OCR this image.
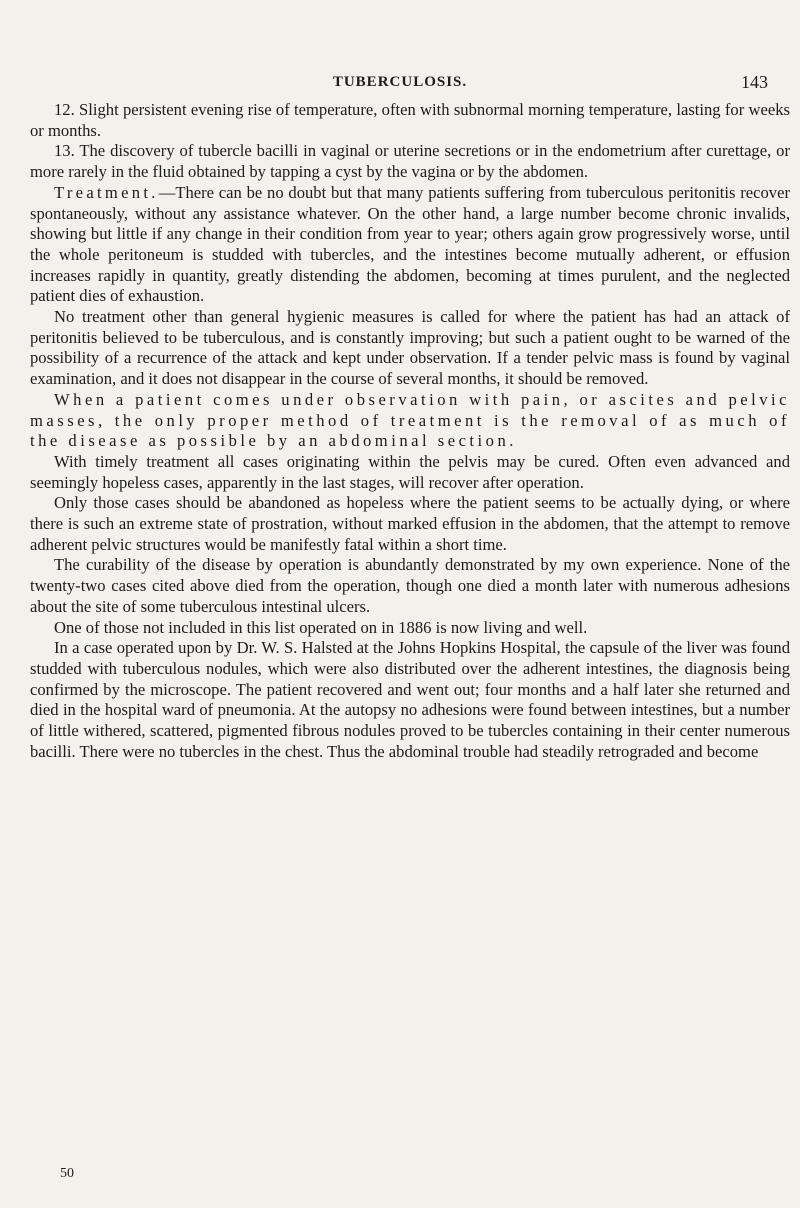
TUBERCULOSIS.	143

12. Slight persistent evening rise of temperature, often with subnormal morning temperature, lasting for weeks or months.

13. The discovery of tubercle bacilli in vaginal or uterine secretions or in the endometrium after curettage, or more rarely in the fluid obtained by tapping a cyst by the vagina or by the abdomen.

Treatment.—There can be no doubt but that many patients suffering from tuberculous peritonitis recover spontaneously, without any assistance whatever. On the other hand, a large number become chronic invalids, showing but little if any change in their condition from year to year; others again grow progressively worse, until the whole peritoneum is studded with tubercles, and the intestines become mutually adherent, or effusion increases rapidly in quantity, greatly distending the abdomen, becoming at times purulent, and the neglected patient dies of exhaustion.

No treatment other than general hygienic measures is called for where the patient has had an attack of peritonitis believed to be tuberculous, and is constantly improving; but such a patient ought to be warned of the possibility of a recurrence of the attack and kept under observation. If a tender pelvic mass is found by vaginal examination, and it does not disappear in the course of several months, it should be removed.

When a patient comes under observation with pain, or ascites and pelvic masses, the only proper method of treatment is the removal of as much of the disease as possible by an abdominal section.

With timely treatment all cases originating within the pelvis may be cured. Often even advanced and seemingly hopeless cases, apparently in the last stages, will recover after operation.

Only those cases should be abandoned as hopeless where the patient seems to be actually dying, or where there is such an extreme state of prostration, without marked effusion in the abdomen, that the attempt to remove adherent pelvic structures would be manifestly fatal within a short time.

The curability of the disease by operation is abundantly demonstrated by my own experience. None of the twenty-two cases cited above died from the operation, though one died a month later with numerous adhesions about the site of some tuberculous intestinal ulcers.

One of those not included in this list operated on in 1886 is now living and well.

In a case operated upon by Dr. W. S. Halsted at the Johns Hopkins Hospital, the capsule of the liver was found studded with tuberculous nodules, which were also distributed over the adherent intestines, the diagnosis being confirmed by the microscope. The patient recovered and went out; four months and a half later she returned and died in the hospital ward of pneumonia. At the autopsy no adhesions were found between intestines, but a number of little withered, scattered, pigmented fibrous nodules proved to be tubercles containing in their center numerous bacilli. There were no tubercles in the chest. Thus the abdominal trouble had steadily retrograded and become

50
